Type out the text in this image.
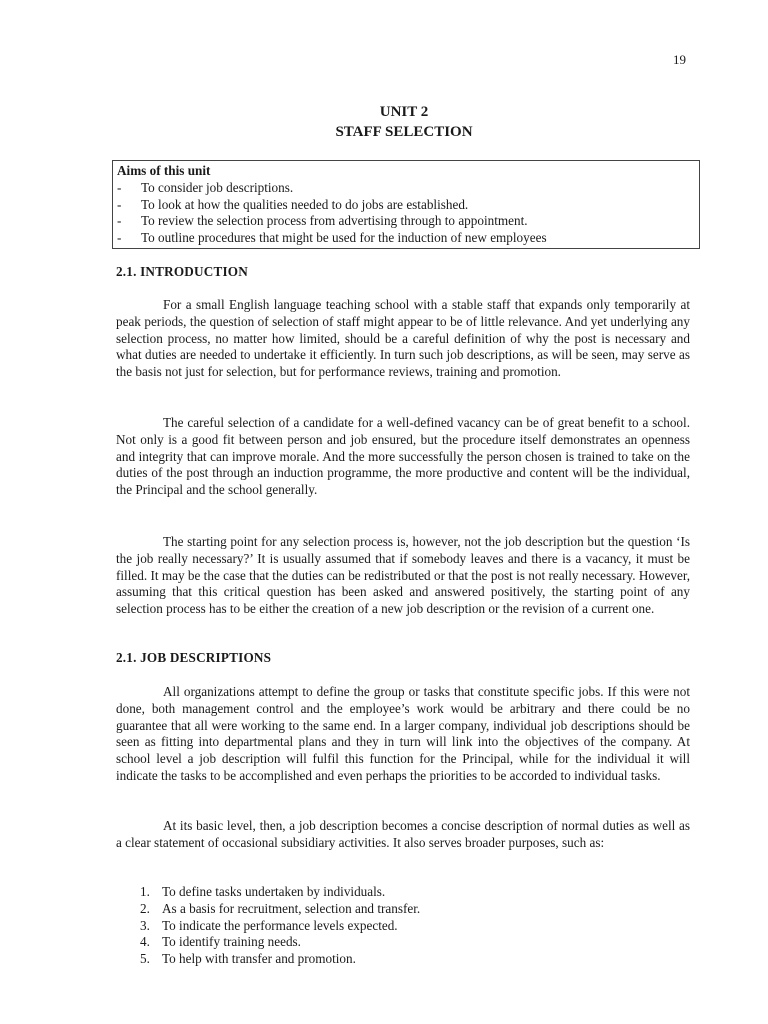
19
UNIT 2
STAFF SELECTION
Aims of this unit
-	To consider job descriptions.
-	To look at how the qualities needed to do jobs are established.
-	To review the selection process from advertising through to appointment.
-	To outline procedures that might be used for the induction of new employees
2.1. INTRODUCTION

For a small English language teaching school with a stable staff that expands only temporarily at peak periods, the question of selection of staff might appear to be of little relevance. And yet underlying any selection process, no matter how limited, should be a careful definition of why the post is necessary and what duties are needed to undertake it efficiently. In turn such job descriptions, as will be seen, may serve as the basis not just for selection, but for performance reviews, training and promotion.

The careful selection of a candidate for a well-defined vacancy can be of great benefit to a school. Not only is a good fit between person and job ensured, but the procedure itself demonstrates an openness and integrity that can improve morale. And the more successfully the person chosen is trained to take on the duties of the post through an induction programme, the more productive and content will be the individual, the Principal and the school generally.

The starting point for any selection process is, however, not the job description but the question ‘Is the job really necessary?’ It is usually assumed that if somebody leaves and there is a vacancy, it must be filled. It may be the case that the duties can be redistributed or that the post is not really necessary. However, assuming that this critical question has been asked and answered positively, the starting point of any selection process has to be either the creation of a new job description or the revision of a current one.

2.1. JOB DESCRIPTIONS

All organizations attempt to define the group or tasks that constitute specific jobs. If this were not done, both management control and the employee’s work would be arbitrary and there could be no guarantee that all were working to the same end. In a larger company, individual job descriptions should be seen as fitting into departmental plans and they in turn will link into the objectives of the company. At school level a job description will fulfil this function for the Principal, while for the individual it will indicate the tasks to be accomplished and even perhaps the priorities to be accorded to individual tasks.

At its basic level, then, a job description becomes a concise description of normal duties as well as a clear statement of occasional subsidiary activities. It also serves broader purposes, such as:

1. To define tasks undertaken by individuals.
2. As a basis for recruitment, selection and transfer.
3. To indicate the performance levels expected.
4. To identify training needs.
5. To help with transfer and promotion.
